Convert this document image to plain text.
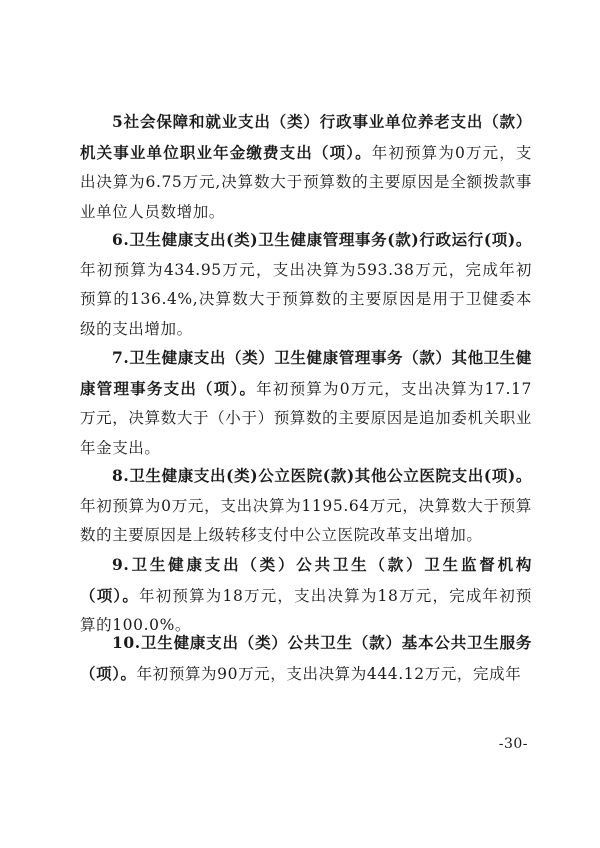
5社会保障和就业支出（类）行政事业单位养老支出（款）机关事业单位职业年金缴费支出（项）。年初预算为0万元，支出决算为6.75万元,决算数大于预算数的主要原因是全额拨款事业单位人员数增加。

6.卫生健康支出(类)卫生健康管理事务(款)行政运行(项)。年初预算为434.95万元，支出决算为593.38万元，完成年初预算的136.4%,决算数大于预算数的主要原因是用于卫健委本级的支出增加。

7.卫生健康支出（类）卫生健康管理事务（款）其他卫生健康管理事务支出（项）。年初预算为0万元，支出决算为17.17万元，决算数大于（小于）预算数的主要原因是追加委机关职业年金支出。

8.卫生健康支出(类)公立医院(款)其他公立医院支出(项)。年初预算为0万元，支出决算为1195.64万元，决算数大于预算数的主要原因是上级转移支付中公立医院改革支出增加。

9.卫生健康支出（类）公共卫生（款）卫生监督机构（项）。年初预算为18万元，支出决算为18万元，完成年初预算的100.0%。

10.卫生健康支出（类）公共卫生（款）基本公共卫生服务（项）。年初预算为90万元，支出决算为444.12万元，完成年

-30-
